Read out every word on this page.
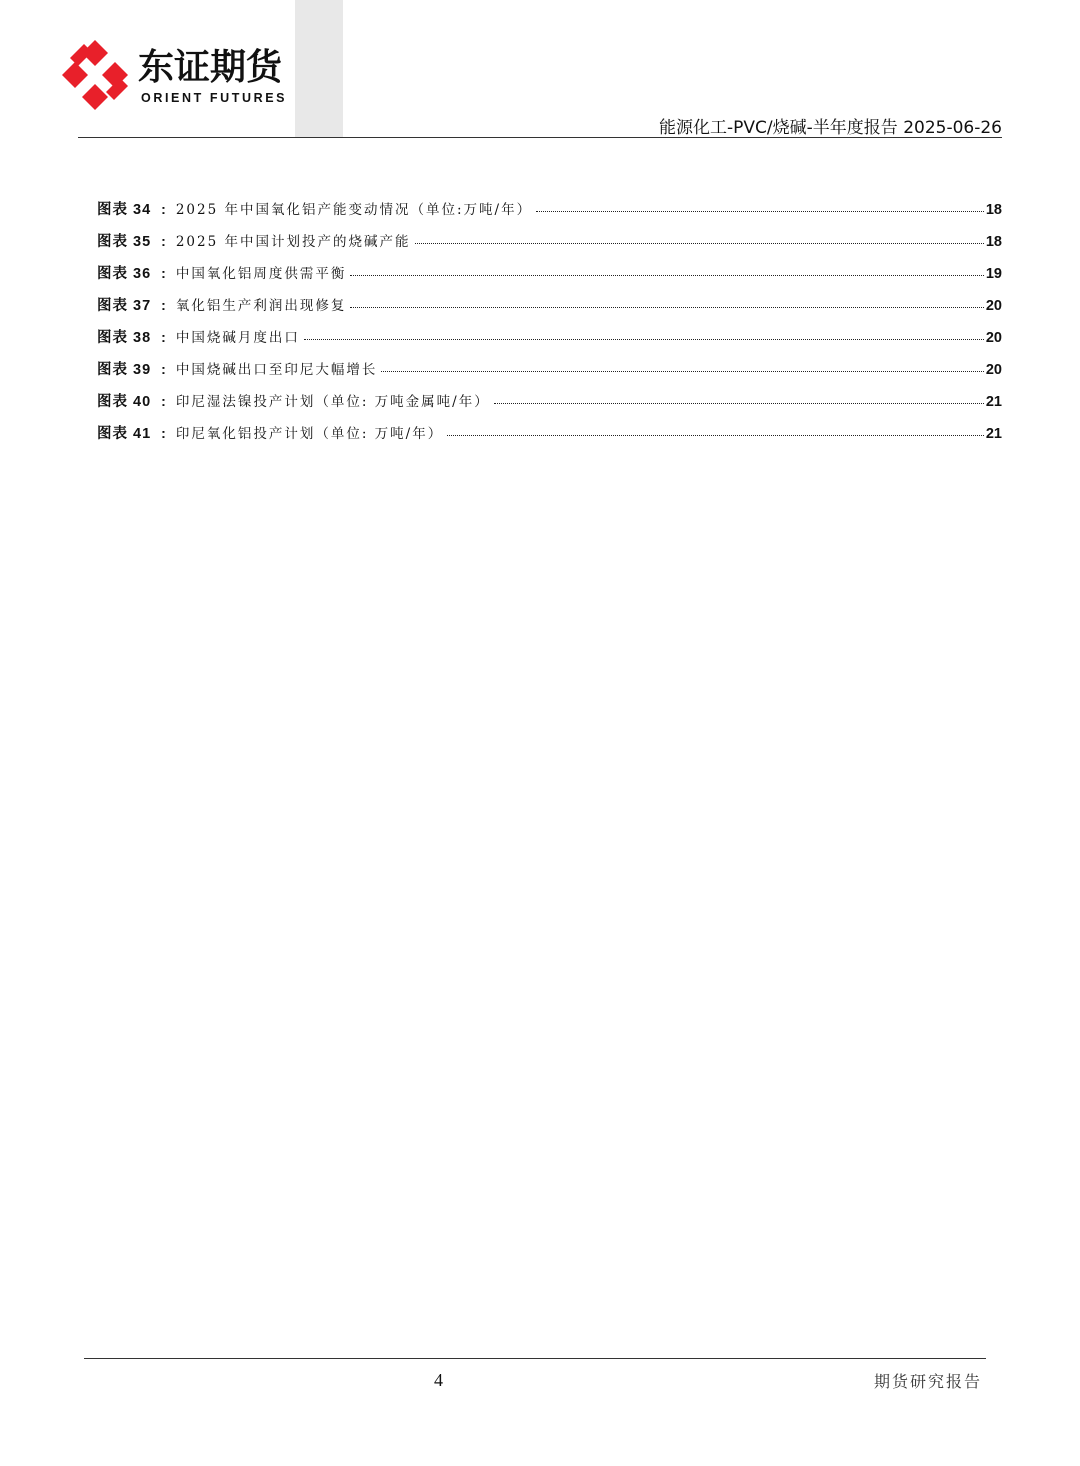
东证期货
ORIENT FUTURES
能源化工-PVC/烧碱-半年度报告 2025-06-26
图表 34 : 2025 年中国氧化铝产能变动情况（单位:万吨/年）	18
图表 35 : 2025 年中国计划投产的烧碱产能	18
图表 36 : 中国氧化铝周度供需平衡	19
图表 37 : 氧化铝生产利润出现修复	20
图表 38 : 中国烧碱月度出口	20
图表 39 : 中国烧碱出口至印尼大幅增长	20
图表 40 : 印尼湿法镍投产计划（单位: 万吨金属吨/年）	21
图表 41 : 印尼氧化铝投产计划（单位: 万吨/年）	21
4	期货研究报告
